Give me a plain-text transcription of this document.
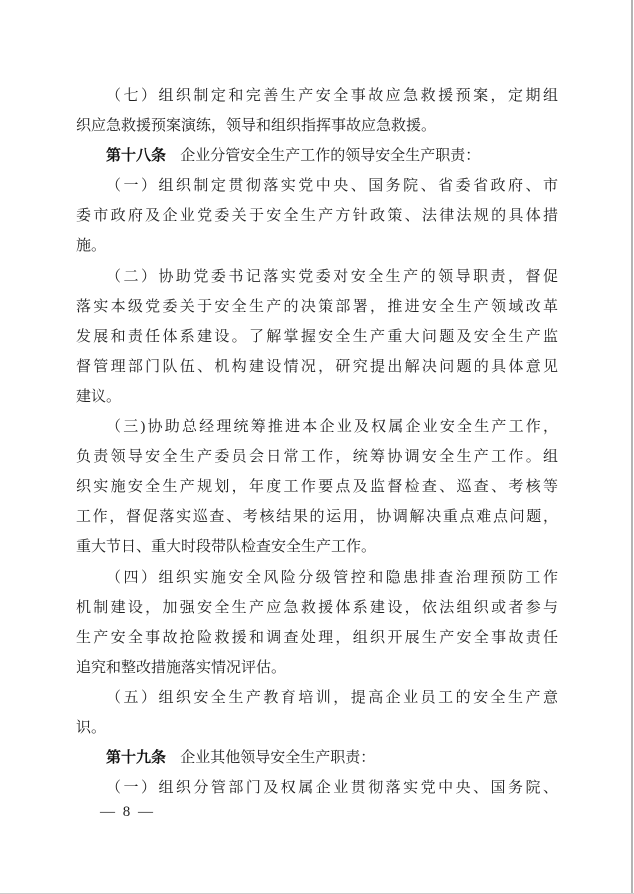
（七）组织制定和完善生产安全事故应急救援预案，定期组
织应急救援预案演练，领导和组织指挥事故应急救援。
第十八条 企业分管安全生产工作的领导安全生产职责：
（一）组织制定贯彻落实党中央、国务院、省委省政府、市
委市政府及企业党委关于安全生产方针政策、法律法规的具体措
施。
（二）协助党委书记落实党委对安全生产的领导职责，督促
落实本级党委关于安全生产的决策部署，推进安全生产领域改革
发展和责任体系建设。了解掌握安全生产重大问题及安全生产监
督管理部门队伍、机构建设情况，研究提出解决问题的具体意见
建议。
（三)协助总经理统筹推进本企业及权属企业安全生产工作，
负责领导安全生产委员会日常工作，统筹协调安全生产工作。组
织实施安全生产规划，年度工作要点及监督检查、巡查、考核等
工作，督促落实巡查、考核结果的运用，协调解决重点难点问题，
重大节日、重大时段带队检查安全生产工作。
（四）组织实施安全风险分级管控和隐患排查治理预防工作
机制建设，加强安全生产应急救援体系建设，依法组织或者参与
生产安全事故抢险救援和调查处理，组织开展生产安全事故责任
追究和整改措施落实情况评估。
（五）组织安全生产教育培训，提高企业员工的安全生产意
识。
第十九条 企业其他领导安全生产职责：
（一）组织分管部门及权属企业贯彻落实党中央、国务院、
— 8 —
